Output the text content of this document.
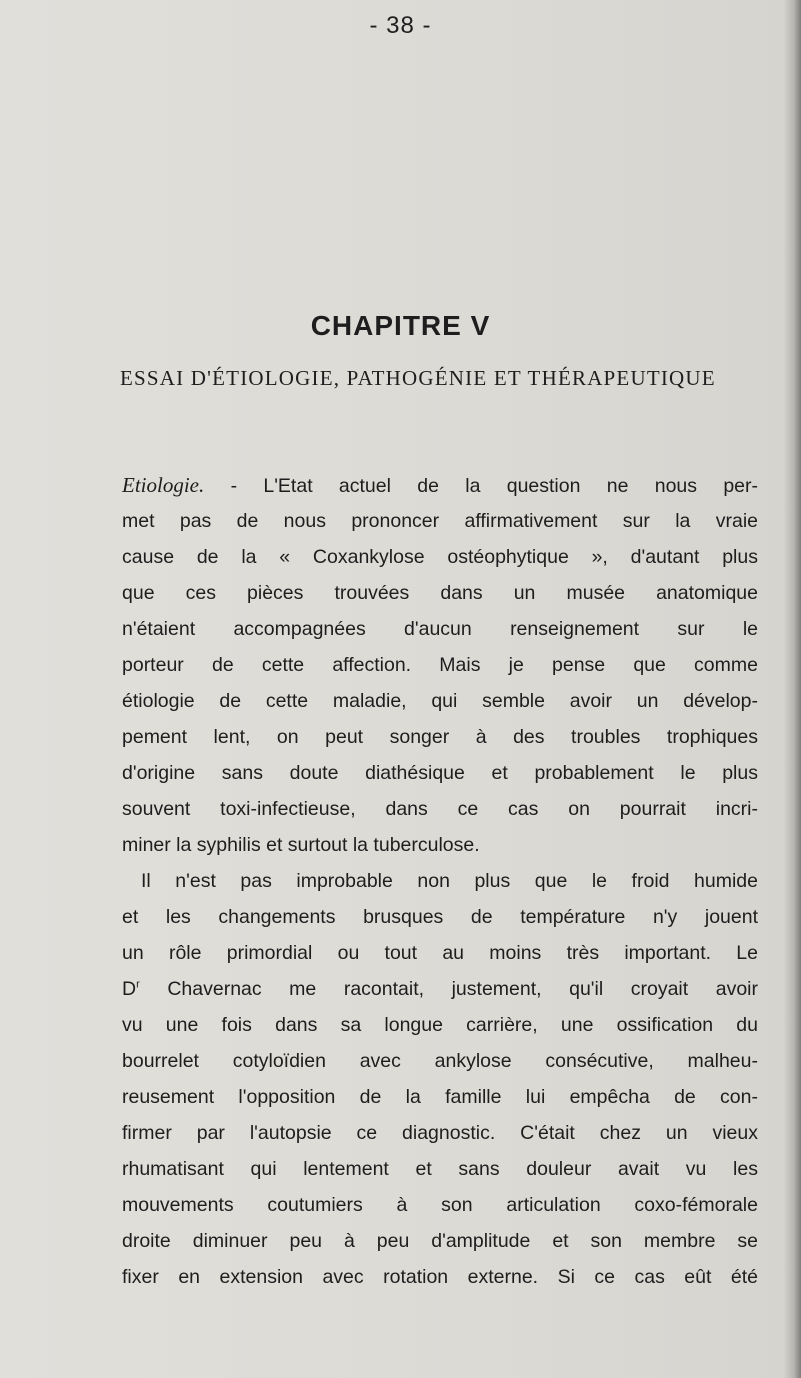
- 38 -
CHAPITRE V
ESSAI D'ÉTIOLOGIE, PATHOGÉNIE ET THÉRAPEUTIQUE
Etiologie. - L'Etat actuel de la question ne nous per-
met pas de nous prononcer affirmativement sur la vraie
cause de la « Coxankylose ostéophytique », d'autant plus
que ces pièces trouvées dans un musée anatomique
n'étaient accompagnées d'aucun renseignement sur le
porteur de cette affection. Mais je pense que comme
étiologie de cette maladie, qui semble avoir un dévelop-
pement lent, on peut songer à des troubles trophiques
d'origine sans doute diathésique et probablement le plus
souvent toxi-infectieuse, dans ce cas on pourrait incri-
miner la syphilis et surtout la tuberculose.
Il n'est pas improbable non plus que le froid humide
et les changements brusques de température n'y jouent
un rôle primordial ou tout au moins très important. Le
$D^r$ Chavernac me racontait, justement, qu'il croyait avoir
vu une fois dans sa longue carrière, une ossification du
bourrelet cotyloïdien avec ankylose consécutive, malheu-
reusement l'opposition de la famille lui empêcha de con-
firmer par l'autopsie ce diagnostic. C'était chez un vieux
rhumatisant qui lentement et sans douleur avait vu les
mouvements coutumiers à son articulation coxo-fémorale
droite diminuer peu à peu d'amplitude et son membre se
fixer en extension avec rotation externe. Si ce cas eût été
